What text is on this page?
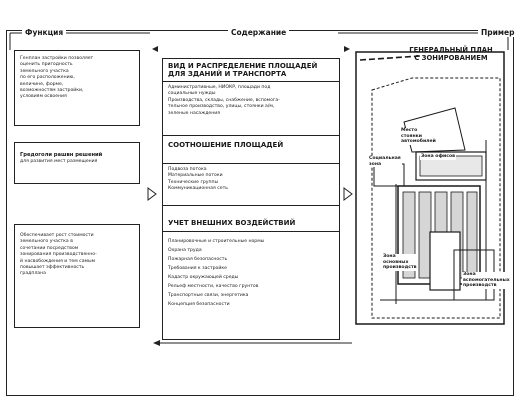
Функция	Содержание	Пример
Генплан застройки позволяет
оценить пригодность
земельного участка
по его расположению,
величине, форме,
возможностям застройки,
условиям освоения
Гредоголи рашвн решений
для развития мест размещения
Обеспечивает рост стоимости
земельного участка в
сочетании посредством
зонирования производственно-
й насвобождения и тем самым
повышает эффективность
градплана
ВИД И РАСПРЕДЕЛЕНИЕ ПЛОЩАДЕЙ
ДЛЯ ЗДАНИЙ И ТРАНСПОРТА
Административные, НИОКР, площади под
социальные нужды
Производства, склады, снабжение, вспомога-
тельное производство, улицы, стоянки а/м,
зеленые насаждения
СООТНОШЕНИЕ ПЛОЩАДЕЙ
Подвоза потока
Материальные потоки
Технические группы
Коммуникационная сеть
УЧЕТ ВНЕШНИХ ВОЗДЕЙСТВИЙ
Планировочные и строительные нормы
Охрана труда
Пожарная безопасность
Требования к застройке
Кадастр окружающей среды
Рельеф местности, качество грунтов
Транспортные связи, энергетика
Концепция безопасности
ГЕНЕРАЛЬНЫЙ ПЛАН
С ЗОНИРОВАНИЕМ
Место
стоянки
автомобилей
Социальная
зона
Зона офисов
Зона
основных
производств
Зона
вспомогательных
производств
